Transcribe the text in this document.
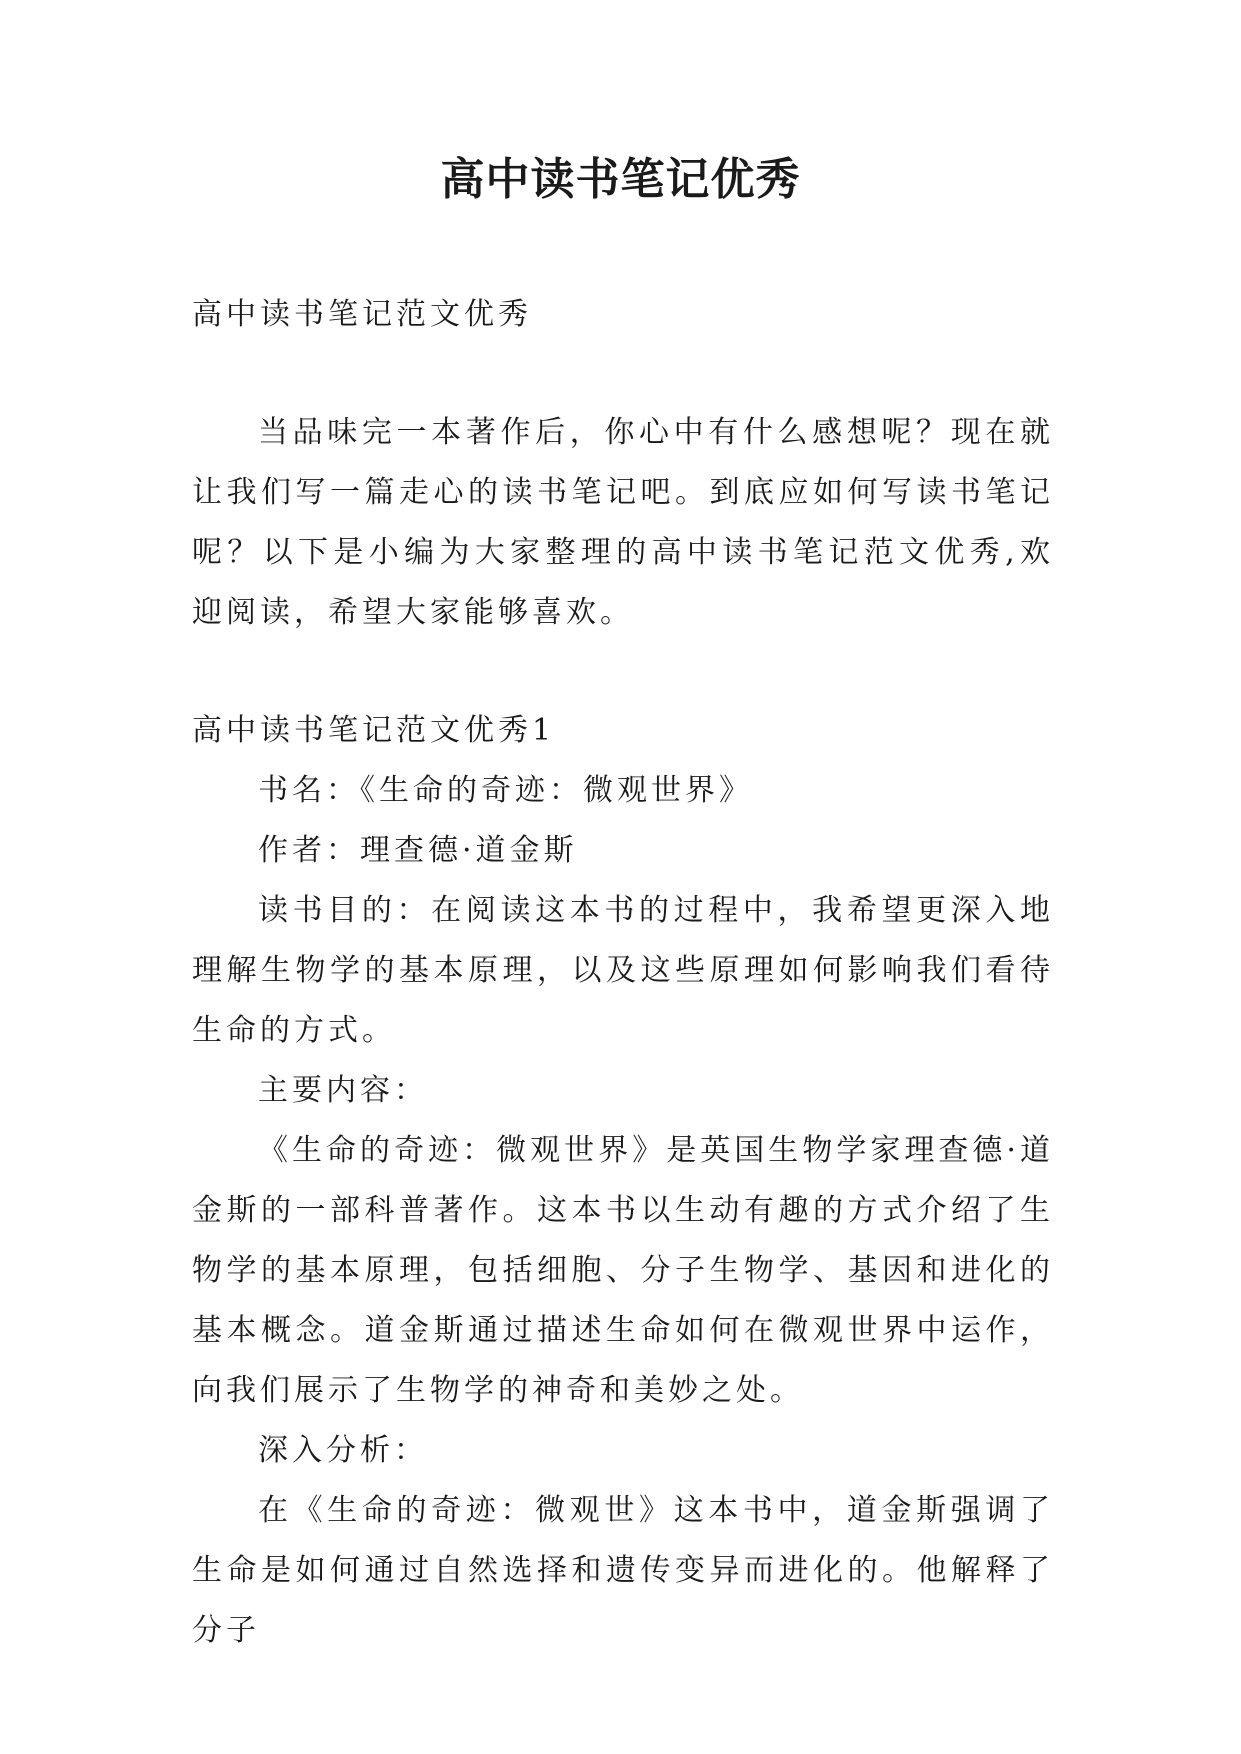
高中读书笔记优秀

高中读书笔记范文优秀

当品味完一本著作后，你心中有什么感想呢？现在就让我们写一篇走心的读书笔记吧。到底应如何写读书笔记呢？以下是小编为大家整理的高中读书笔记范文优秀,欢迎阅读，希望大家能够喜欢。

高中读书笔记范文优秀1

书名：《生命的奇迹：微观世界》

作者：理查德·道金斯

读书目的：在阅读这本书的过程中，我希望更深入地理解生物学的基本原理，以及这些原理如何影响我们看待生命的方式。

主要内容：

《生命的奇迹：微观世界》是英国生物学家理查德·道金斯的一部科普著作。这本书以生动有趣的方式介绍了生物学的基本原理，包括细胞、分子生物学、基因和进化的基本概念。道金斯通过描述生命如何在微观世界中运作，向我们展示了生物学的神奇和美妙之处。

深入分析：

在《生命的奇迹：微观世》这本书中，道金斯强调了生命是如何通过自然选择和遗传变异而进化的。他解释了分子
